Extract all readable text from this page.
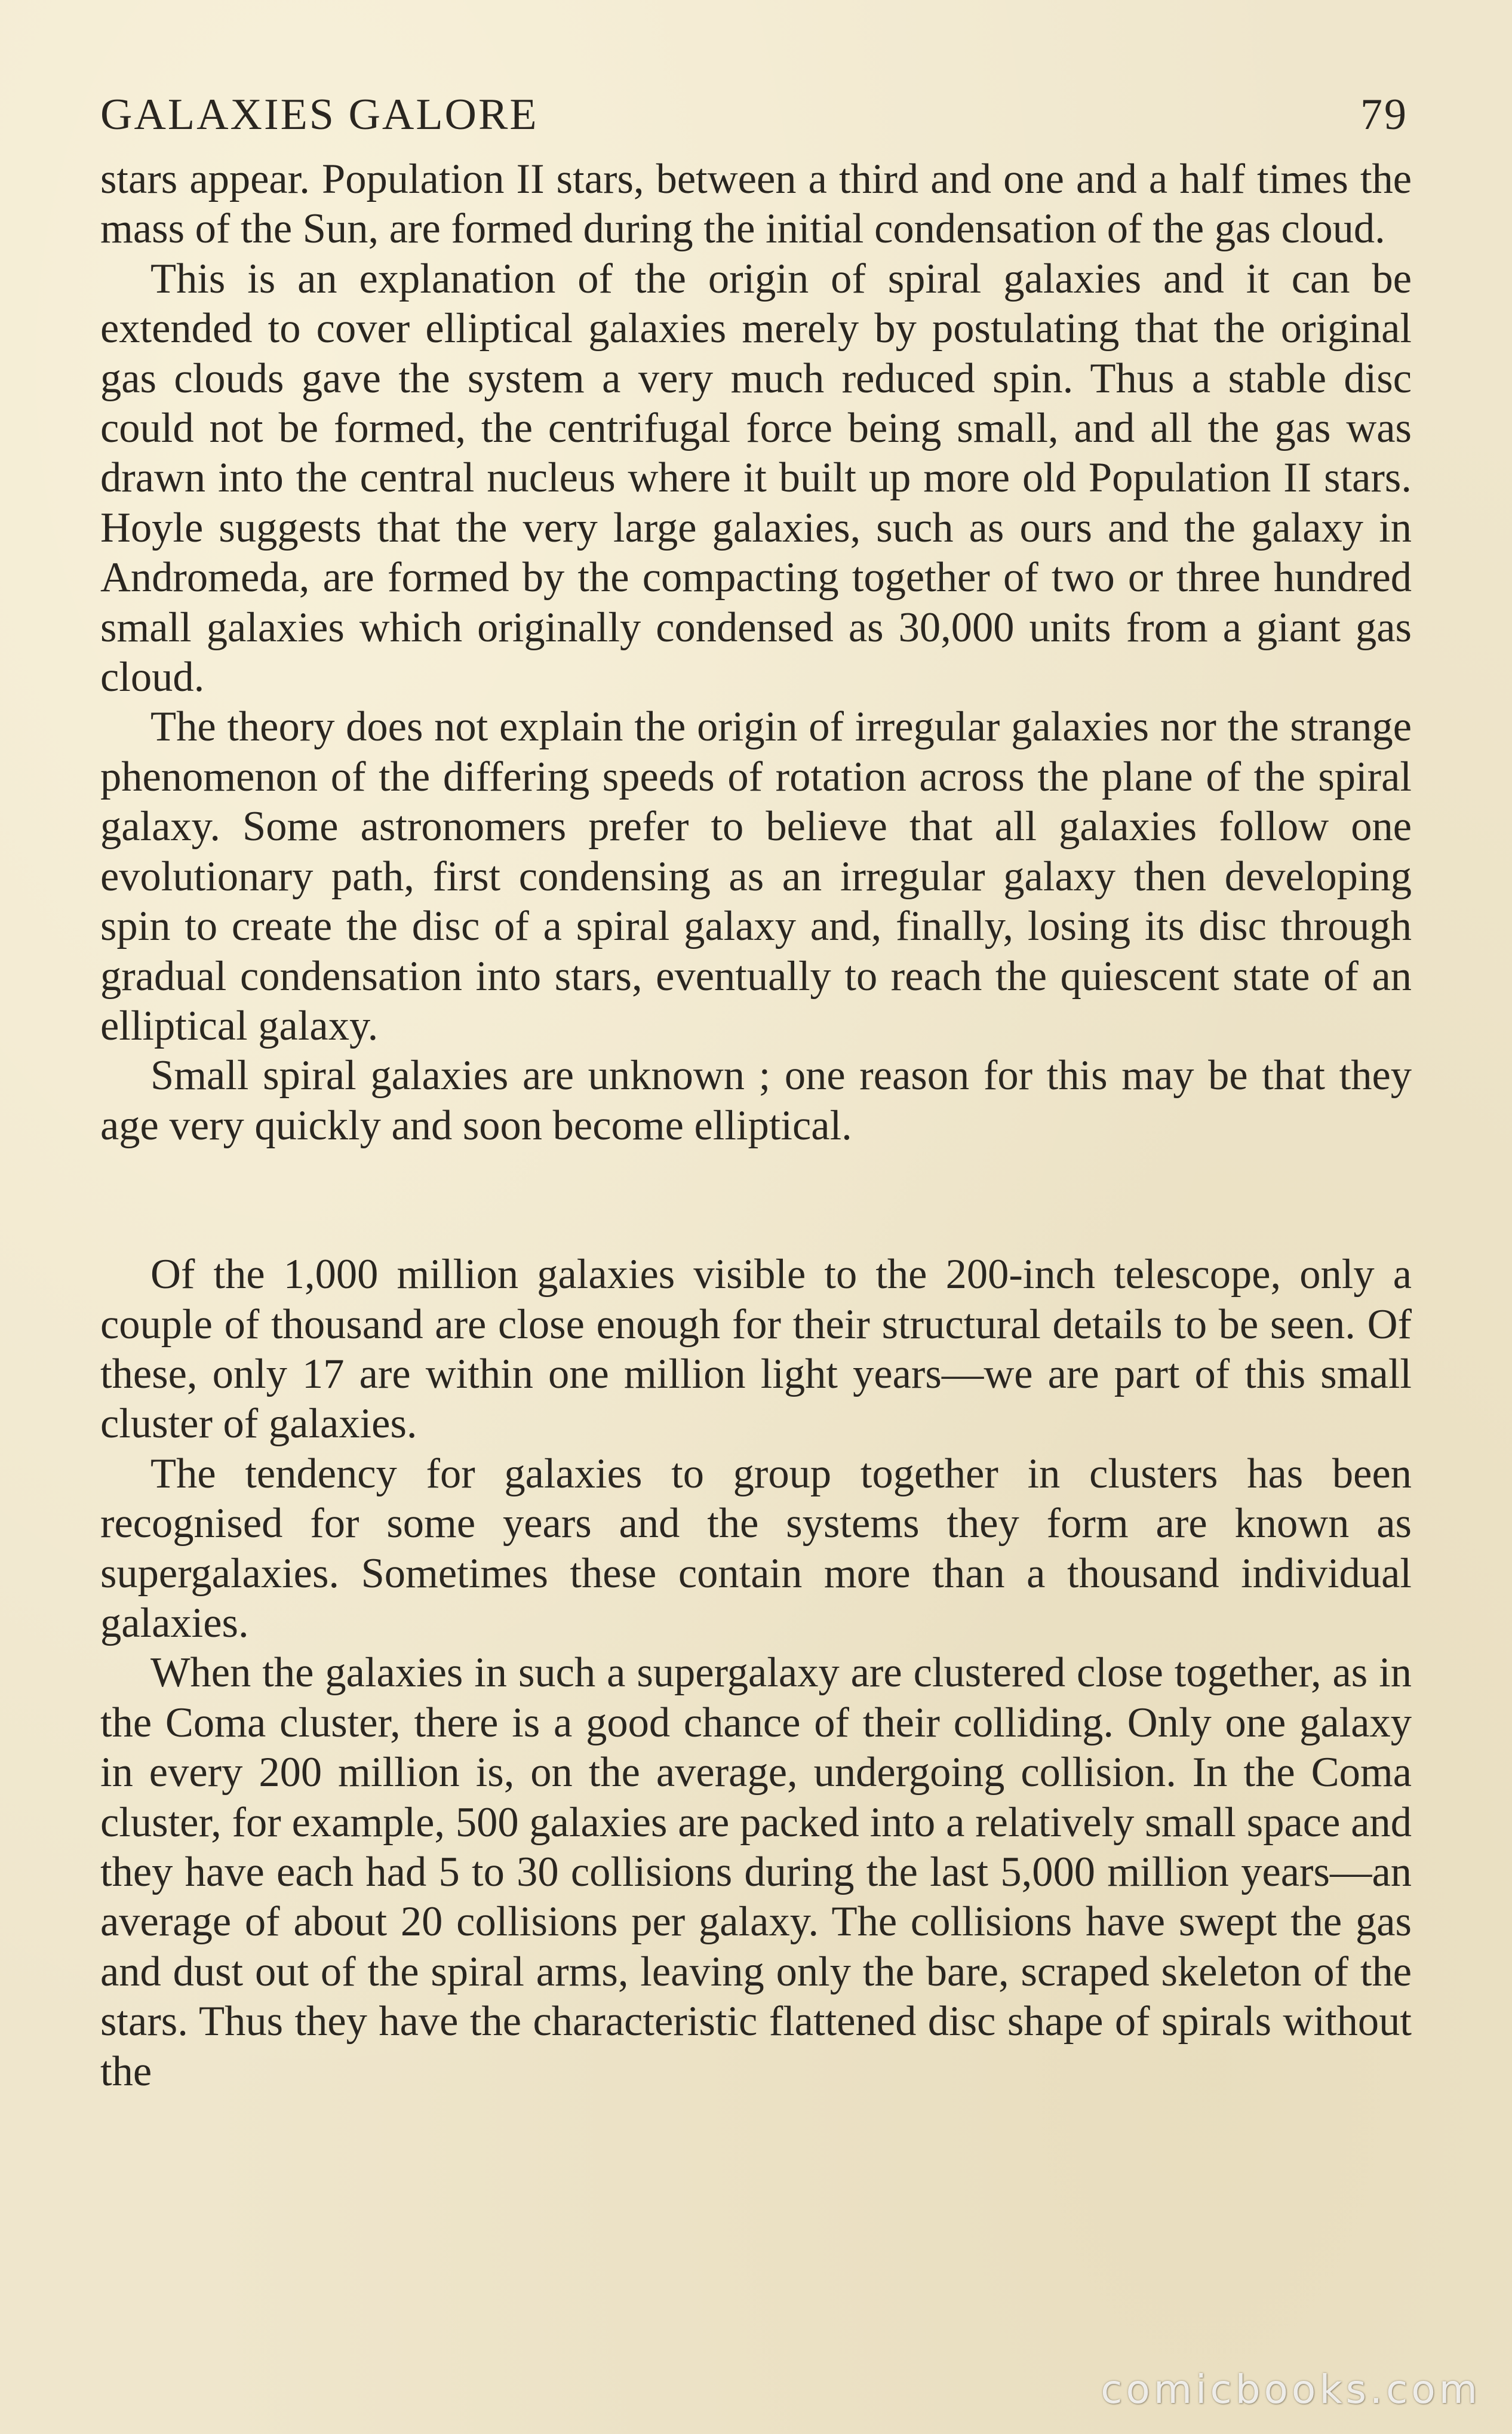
GALAXIES GALORE	79

stars appear. Population II stars, between a third and one and a half times the mass of the Sun, are formed during the initial condensation of the gas cloud.

This is an explanation of the origin of spiral galaxies and it can be extended to cover elliptical galaxies merely by postulating that the original gas clouds gave the system a very much reduced spin. Thus a stable disc could not be formed, the centrifugal force being small, and all the gas was drawn into the central nucleus where it built up more old Population II stars. Hoyle suggests that the very large galaxies, such as ours and the galaxy in Andromeda, are formed by the compacting together of two or three hundred small galaxies which originally condensed as 30,000 units from a giant gas cloud.

The theory does not explain the origin of irregular galaxies nor the strange phenomenon of the differing speeds of rotation across the plane of the spiral galaxy. Some astronomers prefer to believe that all galaxies follow one evolutionary path, first condensing as an irregular galaxy then developing spin to create the disc of a spiral galaxy and, finally, losing its disc through gradual condensation into stars, eventually to reach the quiescent state of an elliptical galaxy.

Small spiral galaxies are unknown ; one reason for this may be that they age very quickly and soon become elliptical.

Of the 1,000 million galaxies visible to the 200-inch telescope, only a couple of thousand are close enough for their structural details to be seen. Of these, only 17 are within one million light years—we are part of this small cluster of galaxies.

The tendency for galaxies to group together in clusters has been recognised for some years and the systems they form are known as supergalaxies. Sometimes these contain more than a thousand individual galaxies.

When the galaxies in such a supergalaxy are clustered close together, as in the Coma cluster, there is a good chance of their colliding. Only one galaxy in every 200 million is, on the average, undergoing collision. In the Coma cluster, for example, 500 galaxies are packed into a relatively small space and they have each had 5 to 30 collisions during the last 5,000 million years—an average of about 20 collisions per galaxy. The collisions have swept the gas and dust out of the spiral arms, leaving only the bare, scraped skeleton of the stars. Thus they have the characteristic flattened disc shape of spirals without the

comicbooks.com
